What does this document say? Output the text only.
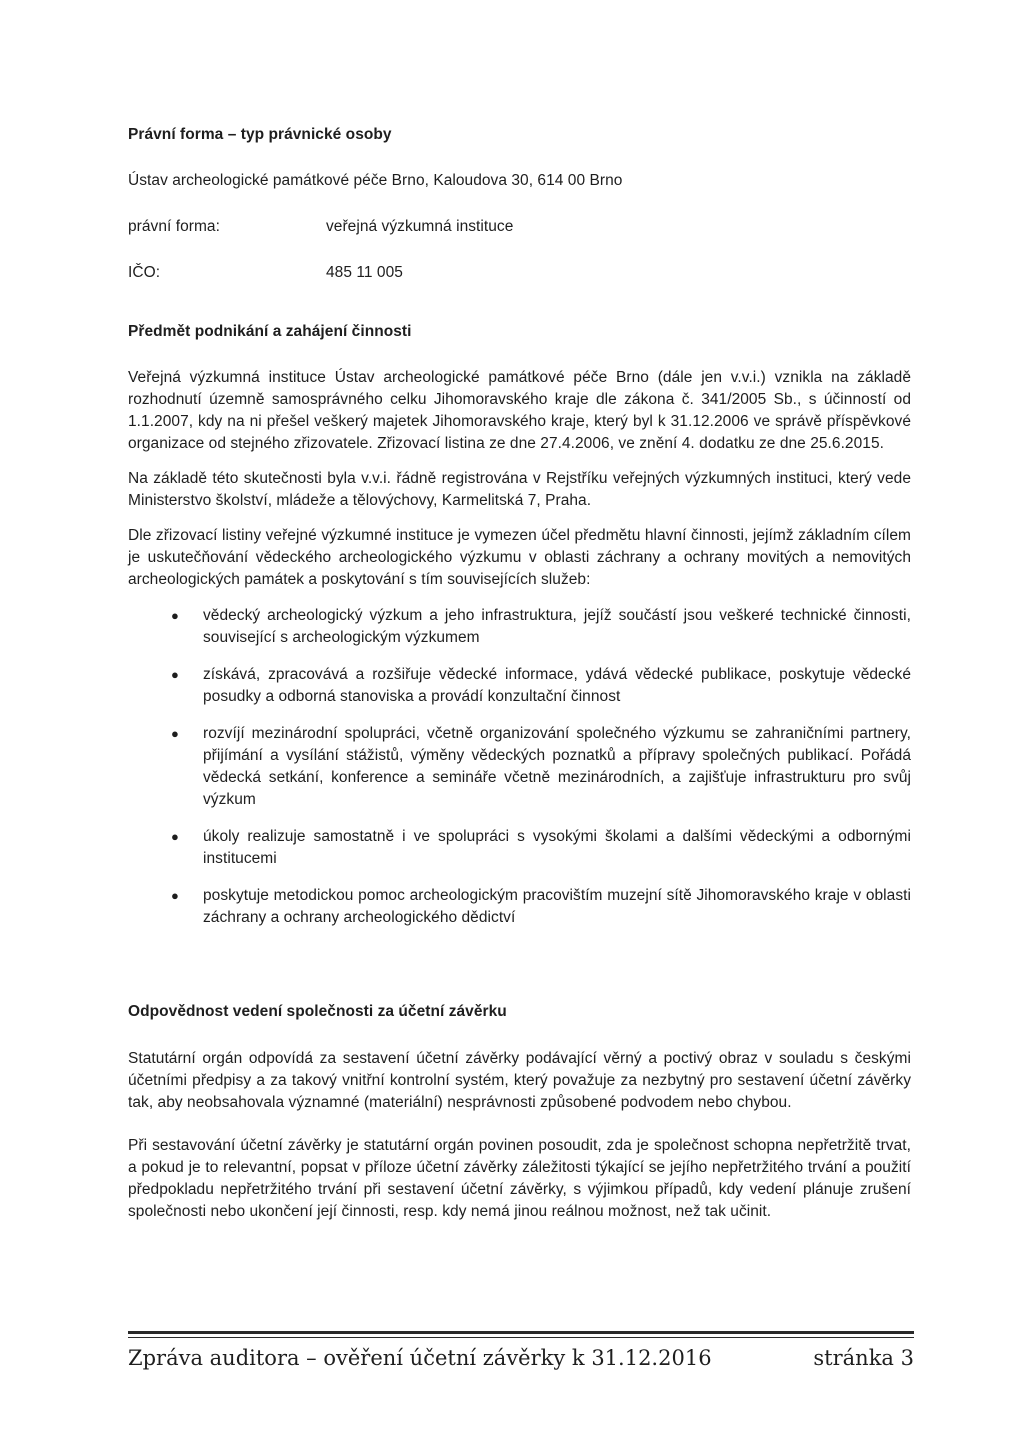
Právní forma – typ právnické osoby

Ústav archeologické památkové péče Brno, Kaloudova 30, 614 00 Brno

právní forma:	veřejná výzkumná instituce
IČO:	485 11 005

Předmět podnikání a zahájení činnosti

Veřejná výzkumná instituce Ústav archeologické památkové péče Brno (dále jen v.v.i.) vznikla na základě rozhodnutí územně samosprávného celku Jihomoravského kraje dle zákona č. 341/2005 Sb., s účinností od 1.1.2007, kdy na ni přešel veškerý majetek Jihomoravského kraje, který byl k 31.12.2006 ve správě příspěvkové organizace od stejného zřizovatele. Zřizovací listina ze dne 27.4.2006, ve znění 4. dodatku ze dne 25.6.2015.

Na základě této skutečnosti byla v.v.i. řádně registrována v Rejstříku veřejných výzkumných instituci, který vede Ministerstvo školství, mládeže a tělovýchovy, Karmelitská 7, Praha.

Dle zřizovací listiny veřejné výzkumné instituce je vymezen účel předmětu hlavní činnosti, jejímž základním cílem je uskutečňování vědeckého archeologického výzkumu v oblasti záchrany a ochrany movitých a nemovitých archeologických památek a poskytování s tím souvisejících služeb:

● vědecký archeologický výzkum a jeho infrastruktura, jejíž součástí jsou veškeré technické činnosti, související s archeologickým výzkumem
● získává, zpracovává a rozšiřuje vědecké informace, ydává vědecké publikace, poskytuje vědecké posudky a odborná stanoviska a provádí konzultační činnost
● rozvíjí mezinárodní spolupráci, včetně organizování společného výzkumu se zahraničními partnery, přijímání a vysílání stážistů, výměny vědeckých poznatků a přípravy společných publikací. Pořádá vědecká setkání, konference a semináře včetně mezinárodních, a zajišťuje infrastrukturu pro svůj výzkum
● úkoly realizuje samostatně i ve spolupráci s vysokými školami a dalšími vědeckými a odbornými institucemi
● poskytuje metodickou pomoc archeologickým pracovištím muzejní sítě Jihomoravského kraje v oblasti záchrany a ochrany archeologického dědictví

Odpovědnost vedení společnosti za účetní závěrku

Statutární orgán odpovídá za sestavení účetní závěrky podávající věrný a poctivý obraz v souladu s českými účetními předpisy a za takový vnitřní kontrolní systém, který považuje za nezbytný pro sestavení účetní závěrky tak, aby neobsahovala významné (materiální) nesprávnosti způsobené podvodem nebo chybou.

Při sestavování účetní závěrky je statutární orgán povinen posoudit, zda je společnost schopna nepřetržitě trvat, a pokud je to relevantní, popsat v příloze účetní závěrky záležitosti týkající se jejího nepřetržitého trvání a použití předpokladu nepřetržitého trvání při sestavení účetní závěrky, s výjimkou případů, kdy vedení plánuje zrušení společnosti nebo ukončení její činnosti, resp. kdy nemá jinou reálnou možnost, než tak učinit.

Zpráva auditora – ověření účetní závěrky k 31.12.2016	stránka 3
